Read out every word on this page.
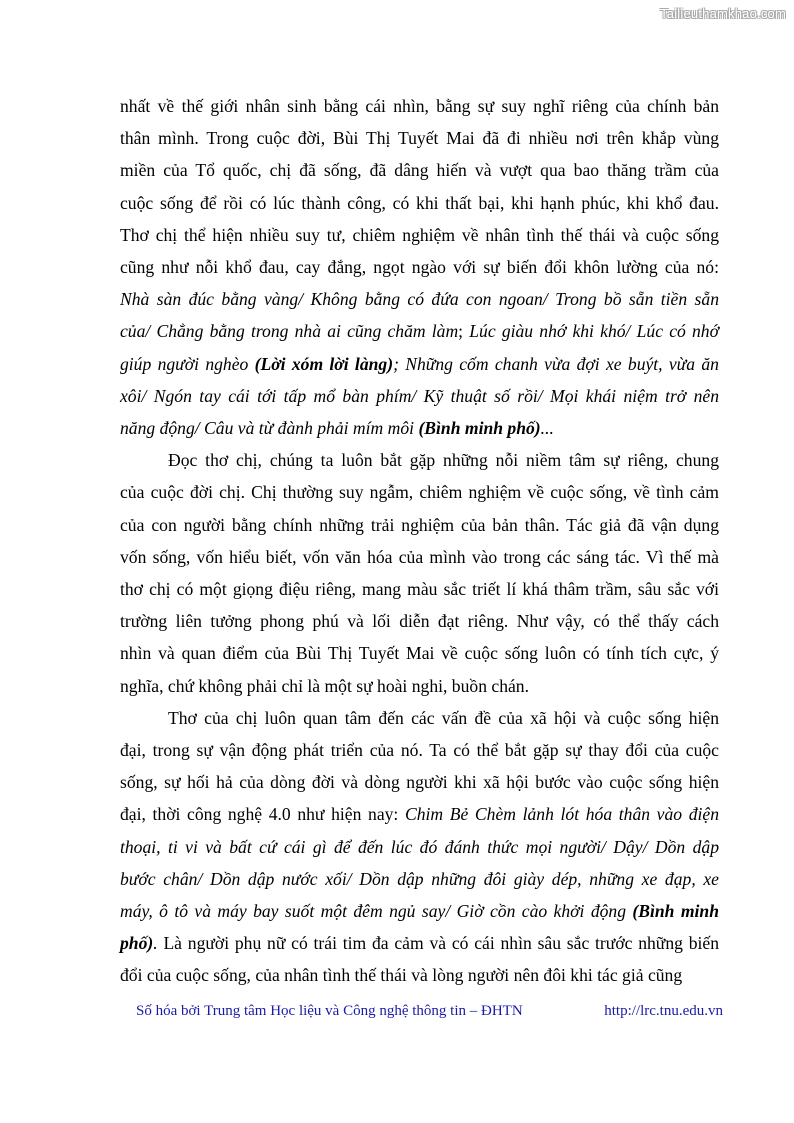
Tailieuthamkhao.com
nhất về thế giới nhân sinh bằng cái nhìn, bằng sự suy nghĩ riêng của chính bản
thân mình. Trong cuộc đời, Bùi Thị Tuyết Mai đã đi nhiều nơi trên khắp vùng
miền của Tổ quốc, chị đã sống, đã dâng hiến và vượt qua bao thăng trầm của
cuộc sống để rồi có lúc thành công, có khi thất bại, khi hạnh phúc, khi khổ đau.
Thơ chị thể hiện nhiều suy tư, chiêm nghiệm về nhân tình thế thái và cuộc sống
cũng như nỗi khổ đau, cay đắng, ngọt ngào với sự biến đổi khôn lường của nó:
Nhà sàn đúc bằng vàng/ Không bằng có đứa con ngoan/ Trong bồ sẵn tiền sẵn
của/ Chẳng bằng trong nhà ai cũng chăm làm; Lúc giàu nhớ khi khó/ Lúc có nhớ
giúp người nghèo (Lời xóm lời làng); Những cốm chanh vừa đợi xe buýt, vừa ăn
xôi/ Ngón tay cái tới tấp mổ bàn phím/ Kỹ thuật số rồi/ Mọi khái niệm trở nên
năng động/ Câu và từ đành phải mím môi (Bình minh phố)...
Đọc thơ chị, chúng ta luôn bắt gặp những nỗi niềm tâm sự riêng, chung
của cuộc đời chị. Chị thường suy ngẫm, chiêm nghiệm về cuộc sống, về tình cảm
của con người bằng chính những trải nghiệm của bản thân. Tác giả đã vận dụng
vốn sống, vốn hiểu biết, vốn văn hóa của mình vào trong các sáng tác. Vì thế mà
thơ chị có một giọng điệu riêng, mang màu sắc triết lí khá thâm trầm, sâu sắc với
trường liên tưởng phong phú và lối diễn đạt riêng. Như vậy, có thể thấy cách
nhìn và quan điểm của Bùi Thị Tuyết Mai về cuộc sống luôn có tính tích cực, ý
nghĩa, chứ không phải chỉ là một sự hoài nghi, buồn chán.
Thơ của chị luôn quan tâm đến các vấn đề của xã hội và cuộc sống hiện
đại, trong sự vận động phát triển của nó. Ta có thể bắt gặp sự thay đổi của cuộc
sống, sự hối hả của dòng đời và dòng người khi xã hội bước vào cuộc sống hiện
đại, thời công nghệ 4.0 như hiện nay: Chim Bẻ Chèm lảnh lót hóa thân vào điện
thoại, ti vi và bất cứ cái gì để đến lúc đó đánh thức mọi người/ Dậy/ Dồn dập
bước chân/ Dồn dập nước xối/ Dồn dập những đôi giày dép, những xe đạp, xe
máy, ô tô và máy bay suốt một đêm ngủ say/ Giờ cồn cào khởi động (Bình minh
phố). Là người phụ nữ có trái tim đa cảm và có cái nhìn sâu sắc trước những biến
đổi của cuộc sống, của nhân tình thế thái và lòng người nên đôi khi tác giả cũng
Số hóa bởi Trung tâm Học liệu và Công nghệ thông tin – ĐHTN	http://lrc.tnu.edu.vn
